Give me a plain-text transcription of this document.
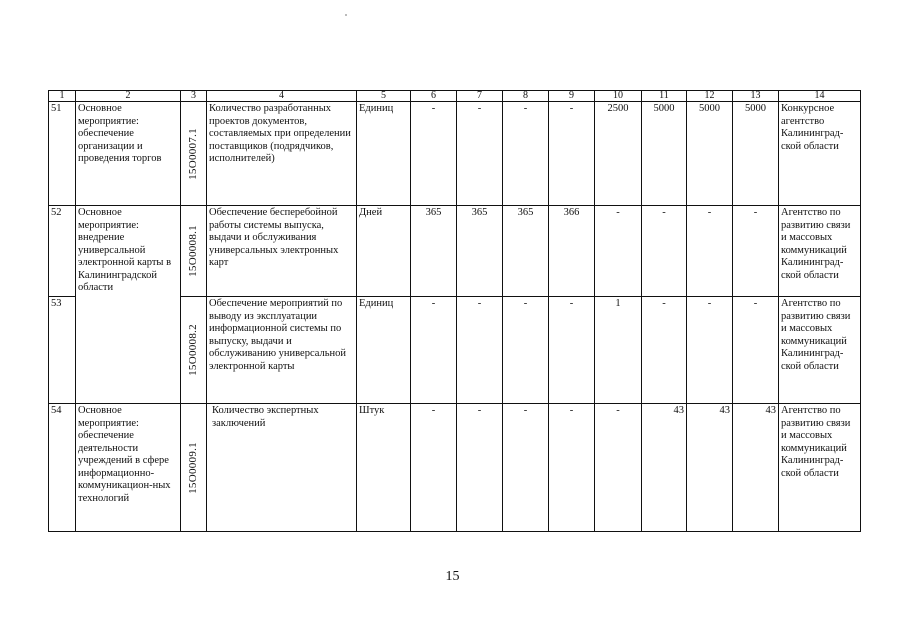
1	2	3	4	5	6	7	8	9	10	11	12	13	14
51	Основное мероприятие: обеспечение организации и проведения торгов	15O0007.1	Количество разработанных проектов документов, составляемых при определении поставщиков (подрядчиков, исполнителей)	Единиц	-	-	-	-	2500	5000	5000	5000	Конкурсное агентство Калининград-ской области
52	Основное мероприятие: внедрение универсальной электронной карты в Калининградской области	15O0008.1	Обеспечение бесперебойной работы системы выпуска, выдачи и обслуживания универсальных электронных карт	Дней	365	365	365	366	-	-	-	-	Агентство по развитию связи и массовых коммуникаций Калининград-ской области
53		15O0008.2	Обеспечение мероприятий по выводу из эксплуатации информационной системы по выпуску, выдачи и обслуживанию универсальной электронной карты	Единиц	-	-	-	-	1	-	-	-	Агентство по развитию связи и массовых коммуникаций Калининград-ской области
54	Основное мероприятие: обеспечение деятельности учреждений в сфере информационно-коммуникацион-ных технологий	15O0009.1	Количество экспертных заключений	Штук	-	-	-	-	-	43	43	43	Агентство по развитию связи и массовых коммуникаций Калининград-ской области
15
